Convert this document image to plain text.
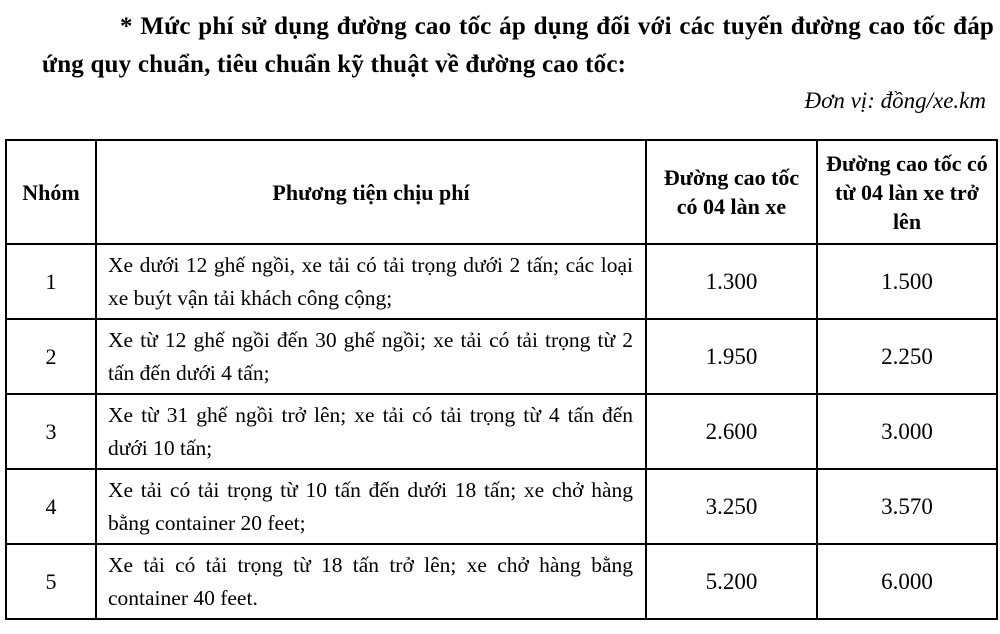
* Mức phí sử dụng đường cao tốc áp dụng đối với các tuyến đường cao tốc đáp ứng quy chuẩn, tiêu chuẩn kỹ thuật về đường cao tốc:

Đơn vị: đồng/xe.km

Nhóm	Phương tiện chịu phí	Đường cao tốc có 04 làn xe	Đường cao tốc có từ 04 làn xe trở lên
1	Xe dưới 12 ghế ngồi, xe tải có tải trọng dưới 2 tấn; các loại xe buýt vận tải khách công cộng;	1.300	1.500
2	Xe từ 12 ghế ngồi đến 30 ghế ngồi; xe tải có tải trọng từ 2 tấn đến dưới 4 tấn;	1.950	2.250
3	Xe từ 31 ghế ngồi trở lên; xe tải có tải trọng từ 4 tấn đến dưới 10 tấn;	2.600	3.000
4	Xe tải có tải trọng từ 10 tấn đến dưới 18 tấn; xe chở hàng bằng container 20 feet;	3.250	3.570
5	Xe tải có tải trọng từ 18 tấn trở lên; xe chở hàng bằng container 40 feet.	5.200	6.000
